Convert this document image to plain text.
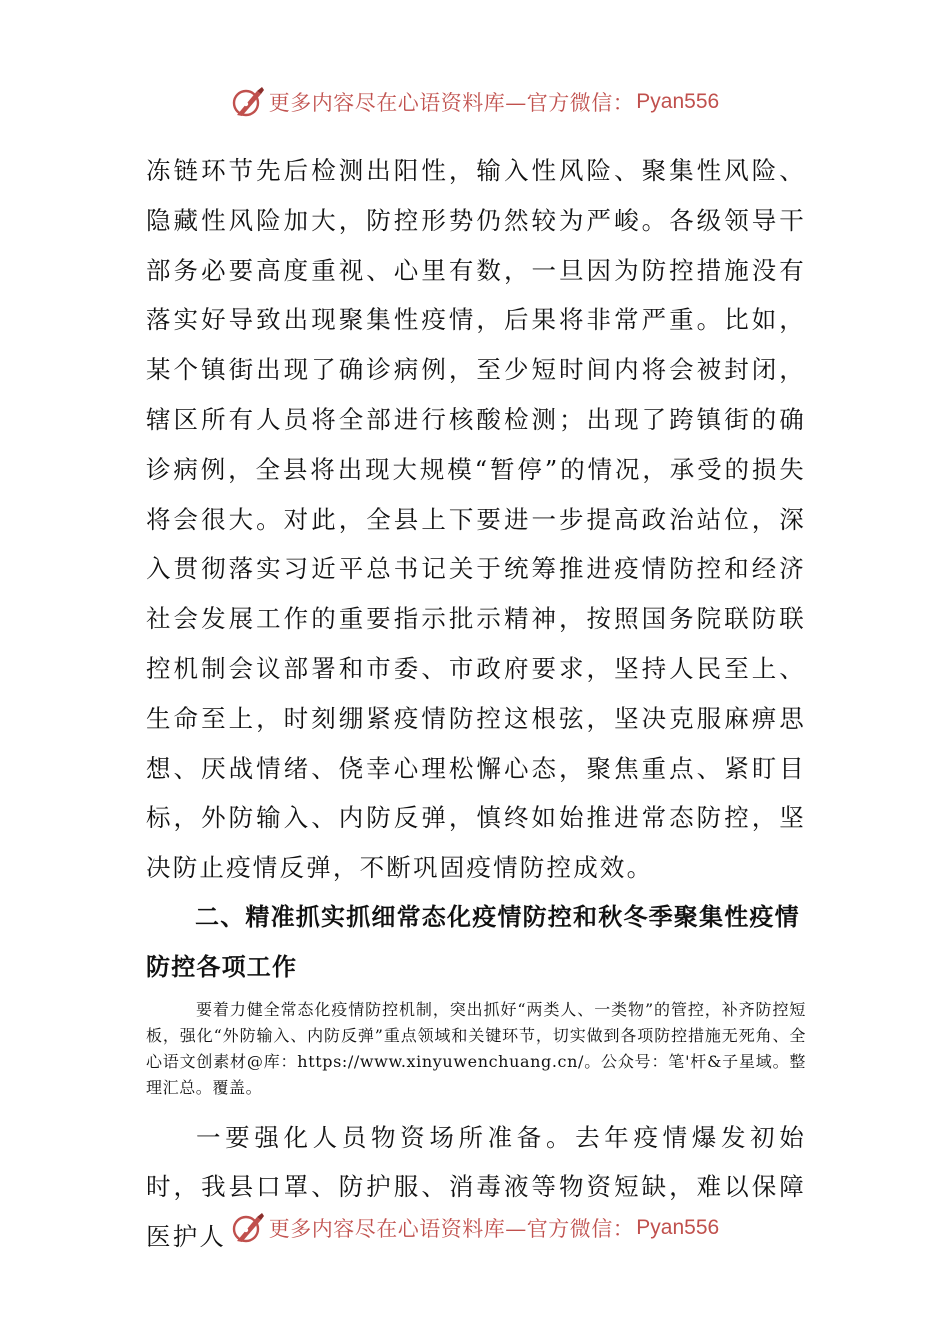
更多内容尽在心语资料库—官方微信： Pyan556

冻链环节先后检测出阳性，输入性风险、聚集性风险、隐藏性风险加大，防控形势仍然较为严峻。各级领导干部务必要高度重视、心里有数，一旦因为防控措施没有落实好导致出现聚集性疫情，后果将非常严重。比如，某个镇街出现了确诊病例，至少短时间内将会被封闭，辖区所有人员将全部进行核酸检测；出现了跨镇街的确诊病例，全县将出现大规模“暂停”的情况，承受的损失将会很大。对此，全县上下要进一步提高政治站位，深入贯彻落实习近平总书记关于统筹推进疫情防控和经济社会发展工作的重要指示批示精神，按照国务院联防联控机制会议部署和市委、市政府要求，坚持人民至上、生命至上，时刻绷紧疫情防控这根弦，坚决克服麻痹思想、厌战情绪、侥幸心理松懈心态，聚焦重点、紧盯目标，外防输入、内防反弹，慎终如始推进常态防控，坚决防止疫情反弹，不断巩固疫情防控成效。

二、精准抓实抓细常态化疫情防控和秋冬季聚集性疫情防控各项工作

要着力健全常态化疫情防控机制，突出抓好“两类人、一类物”的管控，补齐防控短板，强化“外防输入、内防反弹”重点领域和关键环节，切实做到各项防控措施无死角、全心语文创素材@库：https://www.xinyuwenchuang.cn/。公众号：笔'杆&子星域。整理汇总。覆盖。

一要强化人员物资场所准备。去年疫情爆发初始时，我县口罩、防护服、消毒液等物资短缺，难以保障医护人	更多内容尽在心语资料库—官方微信： Pyan556
